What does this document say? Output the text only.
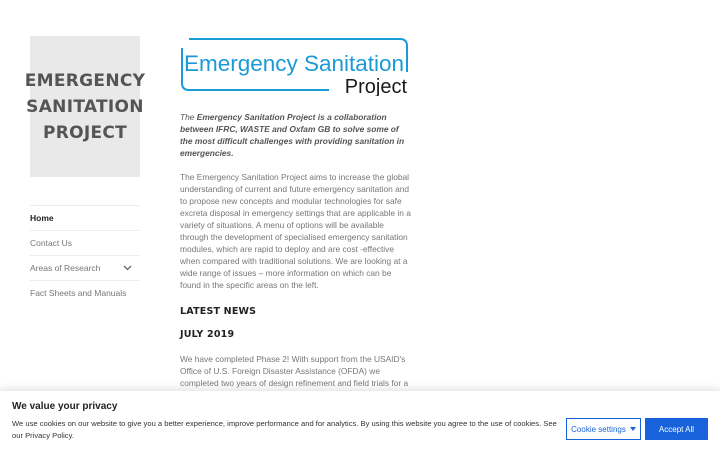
EMERGENCY
SANITATION
PROJECT
Home
Contact Us
Areas of Research
Fact Sheets and Manuals
Emergency Sanitation
Project

The Emergency Sanitation Project is a collaboration between IFRC, WASTE and Oxfam GB to solve some of the most difficult challenges with providing sanitation in emergencies.

The Emergency Sanitation Project aims to increase the global understanding of current and future emergency sanitation and to propose new concepts and modular technologies for safe excreta disposal in emergency settings that are applicable in a variety of situations. A menu of options will be available through the development of specialised emergency sanitation modules, which are rapid to deploy and are cost -effective when compared with traditional solutions. We are looking at a wide range of issues – more information on which can be found in the specific areas on the left.

LATEST NEWS
JULY 2019

We have completed Phase 2! With support from the USAID's Office of U.S. Foreign Disaster Assistance (OFDA) we completed two years of design refinement and field trials for a

We value your privacy
We use cookies on our website to give you a better experience, improve performance and for analytics. By using this website you agree to the use of cookies. See our Privacy Policy.
Cookie settings	Accept All
